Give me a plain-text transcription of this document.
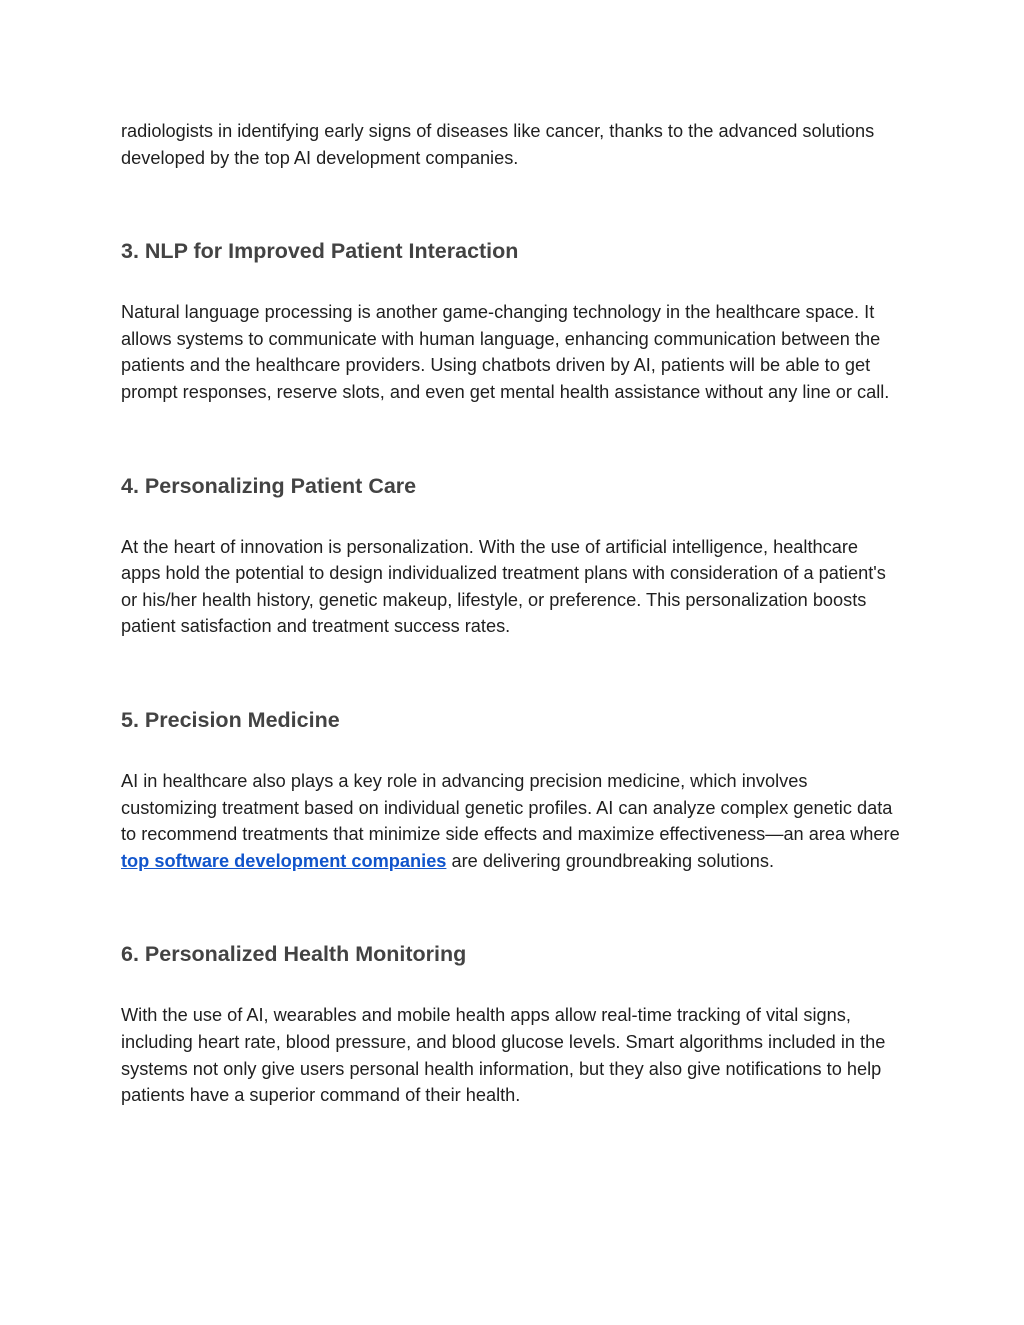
radiologists in identifying early signs of diseases like cancer, thanks to the advanced solutions developed by the top AI development companies.

3. NLP for Improved Patient Interaction

Natural language processing is another game-changing technology in the healthcare space. It allows systems to communicate with human language, enhancing communication between the patients and the healthcare providers. Using chatbots driven by AI, patients will be able to get prompt responses, reserve slots, and even get mental health assistance without any line or call.

4. Personalizing Patient Care

At the heart of innovation is personalization. With the use of artificial intelligence, healthcare apps hold the potential to design individualized treatment plans with consideration of a patient's or his/her health history, genetic makeup, lifestyle, or preference. This personalization boosts patient satisfaction and treatment success rates.

5. Precision Medicine

AI in healthcare also plays a key role in advancing precision medicine, which involves customizing treatment based on individual genetic profiles. AI can analyze complex genetic data to recommend treatments that minimize side effects and maximize effectiveness—an area where top software development companies are delivering groundbreaking solutions.

6. Personalized Health Monitoring

With the use of AI, wearables and mobile health apps allow real-time tracking of vital signs, including heart rate, blood pressure, and blood glucose levels. Smart algorithms included in the systems not only give users personal health information, but they also give notifications to help patients have a superior command of their health.
